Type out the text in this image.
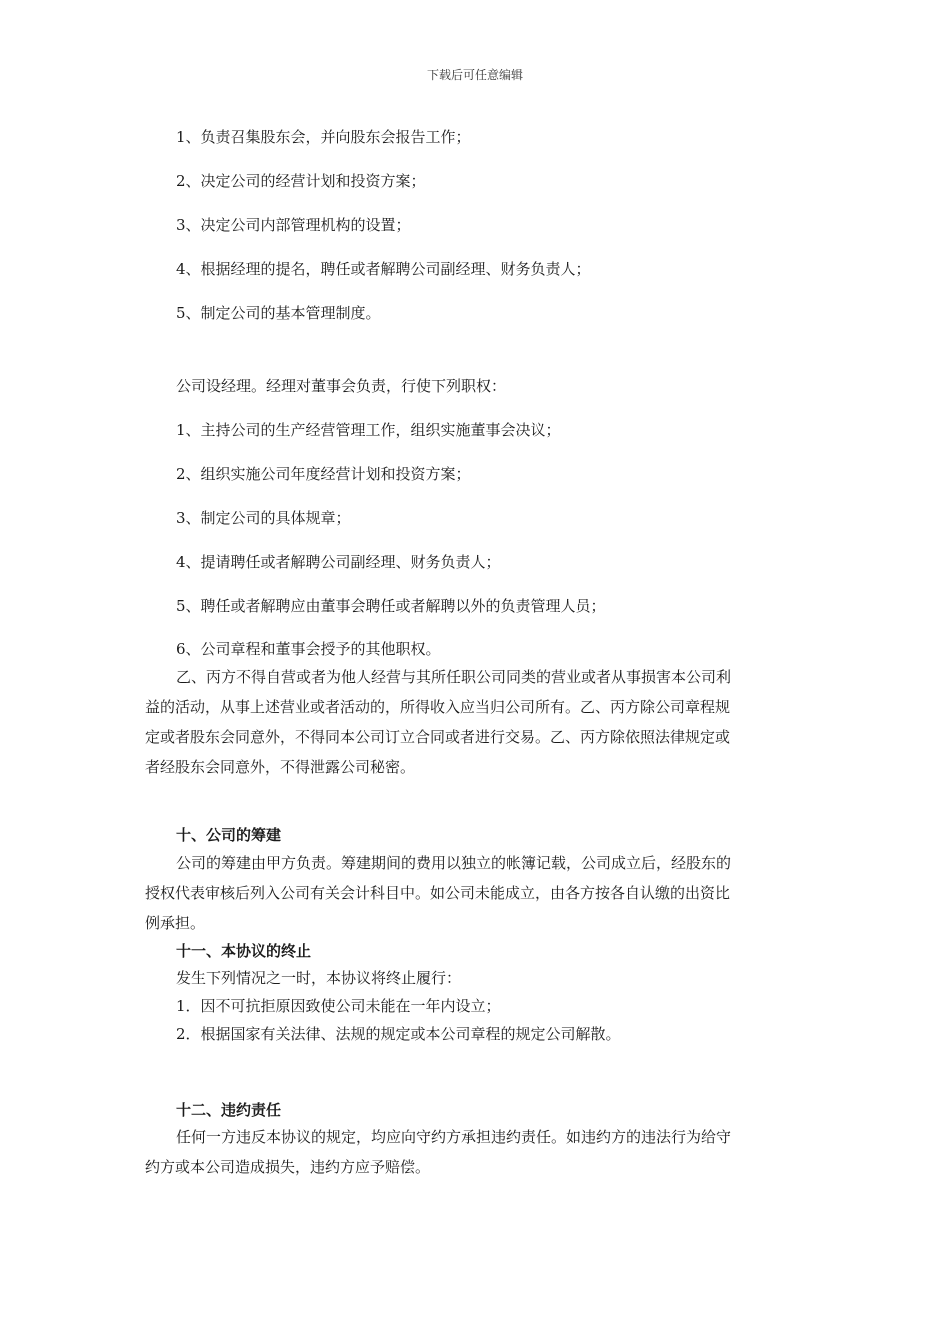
下载后可任意编辑
1、负责召集股东会，并向股东会报告工作；
2、决定公司的经营计划和投资方案；
3、决定公司内部管理机构的设置；
4、根据经理的提名，聘任或者解聘公司副经理、财务负责人；
5、制定公司的基本管理制度。
公司设经理。经理对董事会负责，行使下列职权：
1、主持公司的生产经营管理工作，组织实施董事会决议；
2、组织实施公司年度经营计划和投资方案；
3、制定公司的具体规章；
4、提请聘任或者解聘公司副经理、财务负责人；
5、聘任或者解聘应由董事会聘任或者解聘以外的负责管理人员；
6、公司章程和董事会授予的其他职权。
乙、丙方不得自营或者为他人经营与其所任职公司同类的营业或者从事损害本公司利
益的活动，从事上述营业或者活动的，所得收入应当归公司所有。乙、丙方除公司章程规
定或者股东会同意外，不得同本公司订立合同或者进行交易。乙、丙方除依照法律规定或
者经股东会同意外，不得泄露公司秘密。
十、公司的筹建
公司的筹建由甲方负责。筹建期间的费用以独立的帐簿记载，公司成立后，经股东的
授权代表审核后列入公司有关会计科目中。如公司未能成立，由各方按各自认缴的出资比
例承担。
十一、本协议的终止
发生下列情况之一时，本协议将终止履行：
1．因不可抗拒原因致使公司未能在一年内设立；
2．根据国家有关法律、法规的规定或本公司章程的规定公司解散。
十二、违约责任
任何一方违反本协议的规定，均应向守约方承担违约责任。如违约方的违法行为给守
约方或本公司造成损失，违约方应予赔偿。
